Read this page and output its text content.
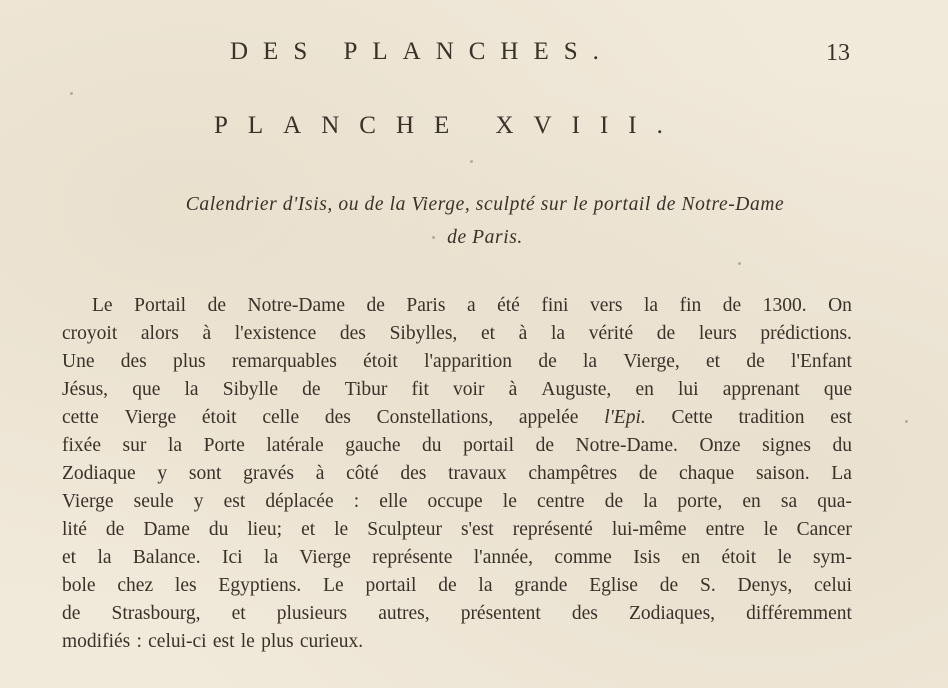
DES PLANCHES.	13
PLANCHE XVIII.
Calendrier d'Isis, ou de la Vierge, sculpté sur le portail de Notre-Dame
de Paris.
Le Portail de Notre-Dame de Paris a été fini vers la fin de 1300. On
croyoit alors à l'existence des Sibylles, et à la vérité de leurs prédictions.
Une des plus remarquables étoit l'apparition de la Vierge, et de l'Enfant
Jésus, que la Sibylle de Tibur fit voir à Auguste, en lui apprenant que
cette Vierge étoit celle des Constellations, appelée l'Epi. Cette tradition est
fixée sur la Porte latérale gauche du portail de Notre-Dame. Onze signes du
Zodiaque y sont gravés à côté des travaux champêtres de chaque saison. La
Vierge seule y est déplacée : elle occupe le centre de la porte, en sa qua-
lité de Dame du lieu; et le Sculpteur s'est représenté lui-même entre le Cancer
et la Balance. Ici la Vierge représente l'année, comme Isis en étoit le sym-
bole chez les Egyptiens. Le portail de la grande Eglise de S. Denys, celui
de Strasbourg, et plusieurs autres, présentent des Zodiaques, différemment
modifiés : celui-ci est le plus curieux.
